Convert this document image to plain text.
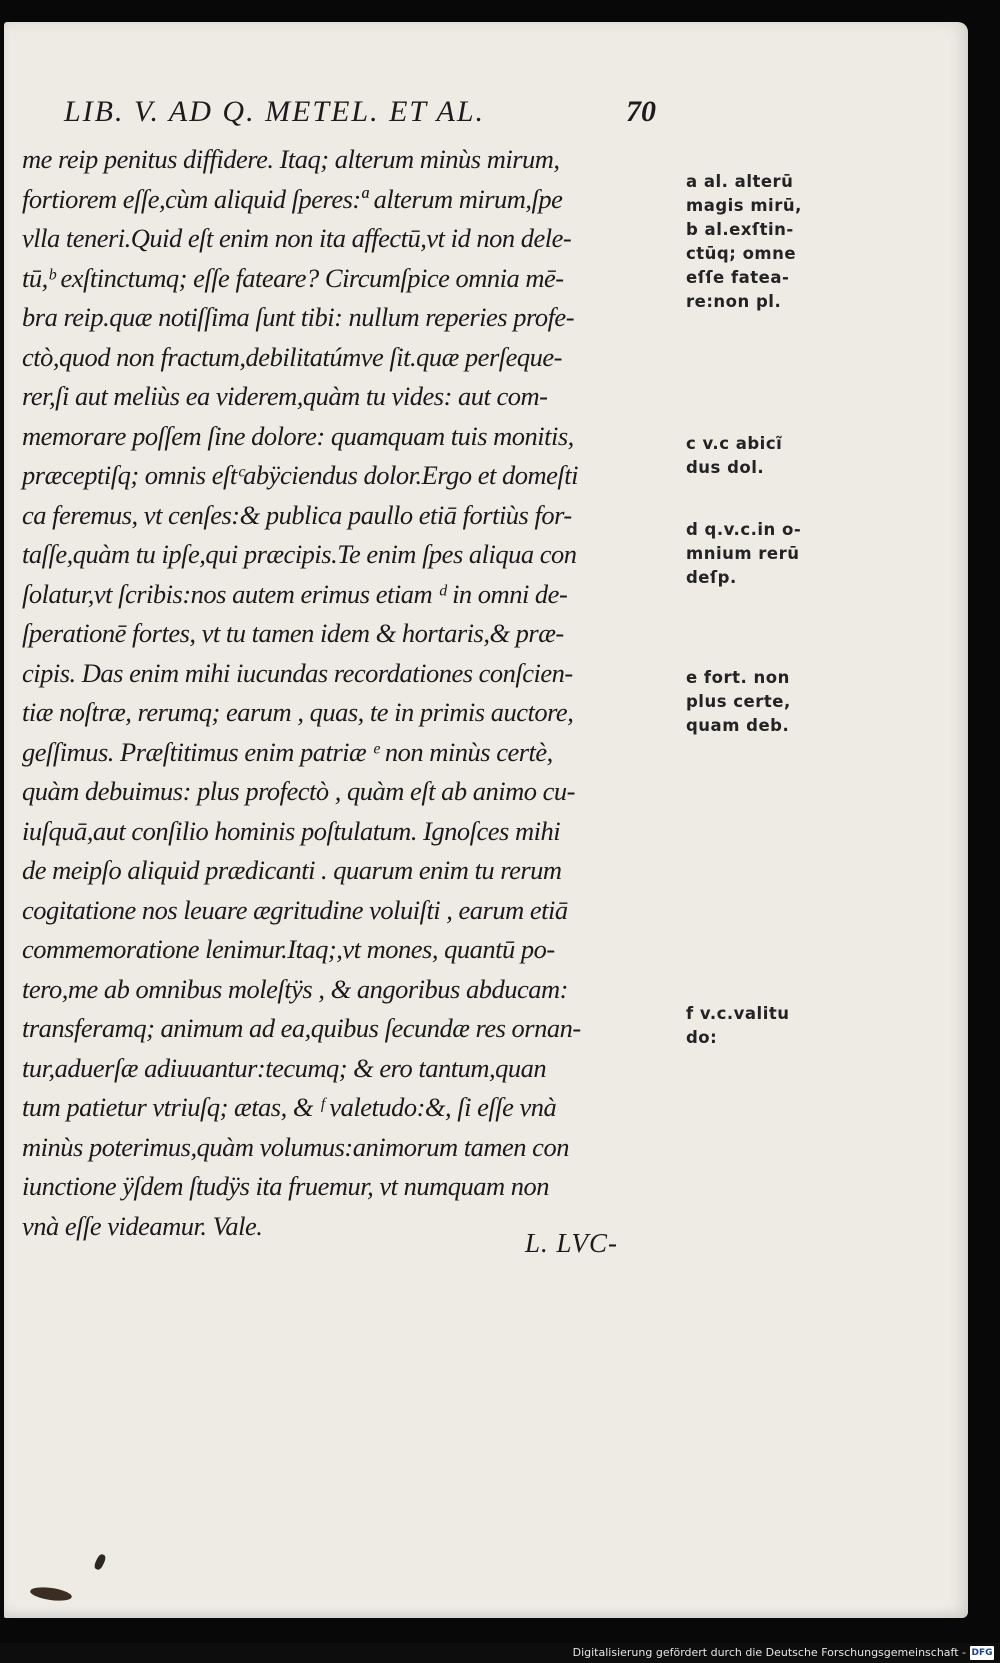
LIB. V. AD Q. METEL. ET AL.	70
me reip penitus diffidere. Itaq; alterum minùs mirum,
fortiorem eſſe,cùm aliquid ſperes:ª alterum mirum,ſpe
vlla teneri.Quid eſt enim non ita affectū,vt id non dele-
tū,ᵇ exſtinctumq; eſſe fateare? Circumſpice omnia mē-
bra reip.quæ notiſſima ſunt tibi: nullum reperies profe-
ctò,quod non fractum,debilitatúmve ſit.quæ perſeque-
rer,ſi aut meliùs ea viderem,quàm tu vides: aut com-
memorare poſſem ſine dolore: quamquam tuis monitis,
præceptiſq; omnis eſtᶜabÿciendus dolor.Ergo et domeſti
ca feremus, vt cenſes:& publica paullo etiā fortiùs for-
taſſe,quàm tu ipſe,qui præcipis.Te enim ſpes aliqua con
ſolatur,vt ſcribis:nos autem erimus etiam ᵈ in omni de-
ſperationē fortes, vt tu tamen idem & hortaris,& præ-
cipis. Das enim mihi iucundas recordationes conſcien-
tiæ noſtræ, rerumq; earum , quas, te in primis auctore,
geſſimus. Præſtitimus enim patriæ ᵉ non minùs certè,
quàm debuimus: plus profectò , quàm eſt ab animo cu-
iuſquā,aut conſilio hominis poſtulatum. Ignoſces mihi
de meipſo aliquid prædicanti . quarum enim tu rerum
cogitatione nos leuare ægritudine voluiſti , earum etiā
commemoratione lenimur.Itaq;,vt mones, quantū po-
tero,me ab omnibus moleſtÿs , & angoribus abducam:
transferamq; animum ad ea,quibus ſecundæ res ornan-
tur,aduerſæ adiuuantur:tecumq; & ero tantum,quan
tum patietur vtriuſq; ætas, & ᶠ valetudo:&, ſi eſſe vnà
minùs poterimus,quàm volumus:animorum tamen con
iunctione ÿſdem ſtudÿs ita fruemur, vt numquam non
vnà eſſe videamur. Vale.
a al. alterū
magis mirū,
b al.exſtin-
ctūq; omne
eſſe fatea-
re:non pl.
c v.c abicĩ
dus dol.
d q.v.c.in o-
mnium rerū
deſp.
e fort. non
plus certe,
quam deb.
f v.c.valitu
do:
L. LVC-
Digitalisierung gefördert durch die Deutsche Forschungsgemeinschaft - DFG
